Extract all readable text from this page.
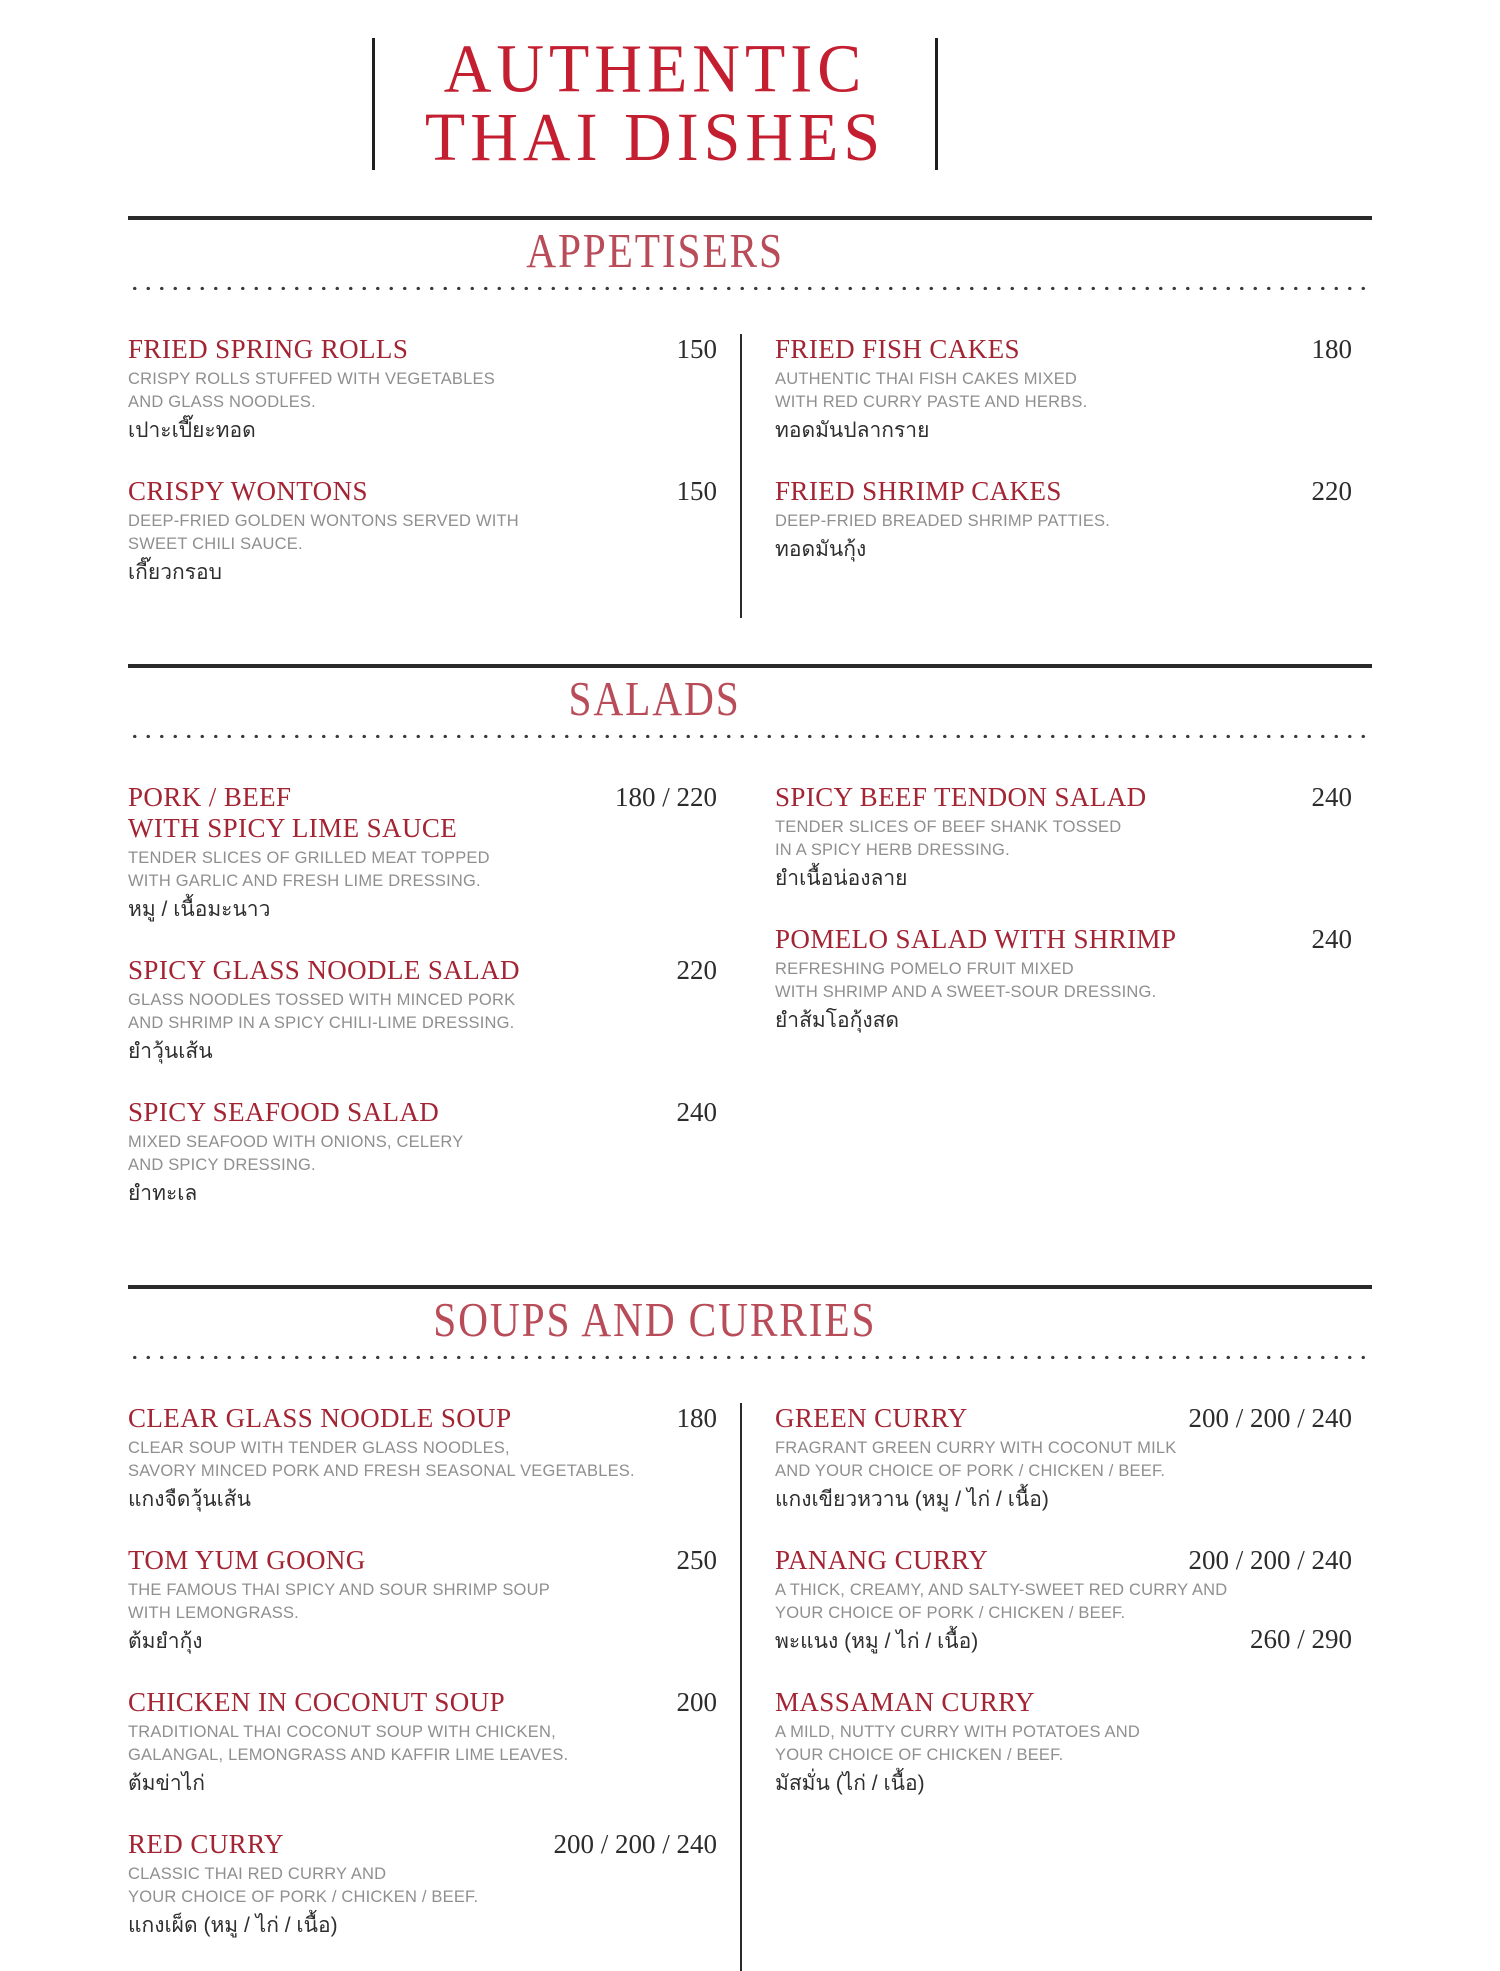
AUTHENTIC
THAI DISHES
APPETISERS
FRIED SPRING ROLLS	150
CRISPY ROLLS STUFFED WITH VEGETABLES
AND GLASS NOODLES.
เปาะเปี๊ยะทอด
CRISPY WONTONS	150
DEEP-FRIED GOLDEN WONTONS SERVED WITH
SWEET CHILI SAUCE.
เกี๊ยวกรอบ
FRIED FISH CAKES	180
AUTHENTIC THAI FISH CAKES MIXED
WITH RED CURRY PASTE AND HERBS.
ทอดมันปลากราย
FRIED SHRIMP CAKES	220
DEEP-FRIED BREADED SHRIMP PATTIES.
ทอดมันกุ้ง
SALADS
PORK / BEEF
WITH SPICY LIME SAUCE
180 / 220
TENDER SLICES OF GRILLED MEAT TOPPED
WITH GARLIC AND FRESH LIME DRESSING.
หมู / เนื้อมะนาว
SPICY GLASS NOODLE SALAD	220
GLASS NOODLES TOSSED WITH MINCED PORK
AND SHRIMP IN A SPICY CHILI-LIME DRESSING.
ยำวุ้นเส้น
SPICY SEAFOOD SALAD	240
MIXED SEAFOOD WITH ONIONS, CELERY
AND SPICY DRESSING.
ยำทะเล
SPICY BEEF TENDON SALAD	240
TENDER SLICES OF BEEF SHANK TOSSED
IN A SPICY HERB DRESSING.
ยำเนื้อน่องลาย
POMELO SALAD WITH SHRIMP	240
REFRESHING POMELO FRUIT MIXED
WITH SHRIMP AND A SWEET-SOUR DRESSING.
ยำส้มโอกุ้งสด
SOUPS AND CURRIES
CLEAR GLASS NOODLE SOUP	180
CLEAR SOUP WITH TENDER GLASS NOODLES,
SAVORY MINCED PORK AND FRESH SEASONAL VEGETABLES.
แกงจืดวุ้นเส้น
TOM YUM GOONG	250
THE FAMOUS THAI SPICY AND SOUR SHRIMP SOUP
WITH LEMONGRASS.
ต้มยำกุ้ง
CHICKEN IN COCONUT SOUP	200
TRADITIONAL THAI COCONUT SOUP WITH CHICKEN,
GALANGAL, LEMONGRASS AND KAFFIR LIME LEAVES.
ต้มข่าไก่
RED CURRY	200 / 200 / 240
CLASSIC THAI RED CURRY AND
YOUR CHOICE OF PORK / CHICKEN / BEEF.
แกงเผ็ด (หมู / ไก่ / เนื้อ)
GREEN CURRY	200 / 200 / 240
FRAGRANT GREEN CURRY WITH COCONUT MILK
AND YOUR CHOICE OF PORK / CHICKEN / BEEF.
แกงเขียวหวาน (หมู / ไก่ / เนื้อ)
PANANG CURRY	200 / 200 / 240
A THICK, CREAMY, AND SALTY-SWEET RED CURRY AND
YOUR CHOICE OF PORK / CHICKEN / BEEF.
พะแนง (หมู / ไก่ / เนื้อ)	260 / 290
MASSAMAN CURRY
A MILD, NUTTY CURRY WITH POTATOES AND
YOUR CHOICE OF CHICKEN / BEEF.
มัสมั่น (ไก่ / เนื้อ)
